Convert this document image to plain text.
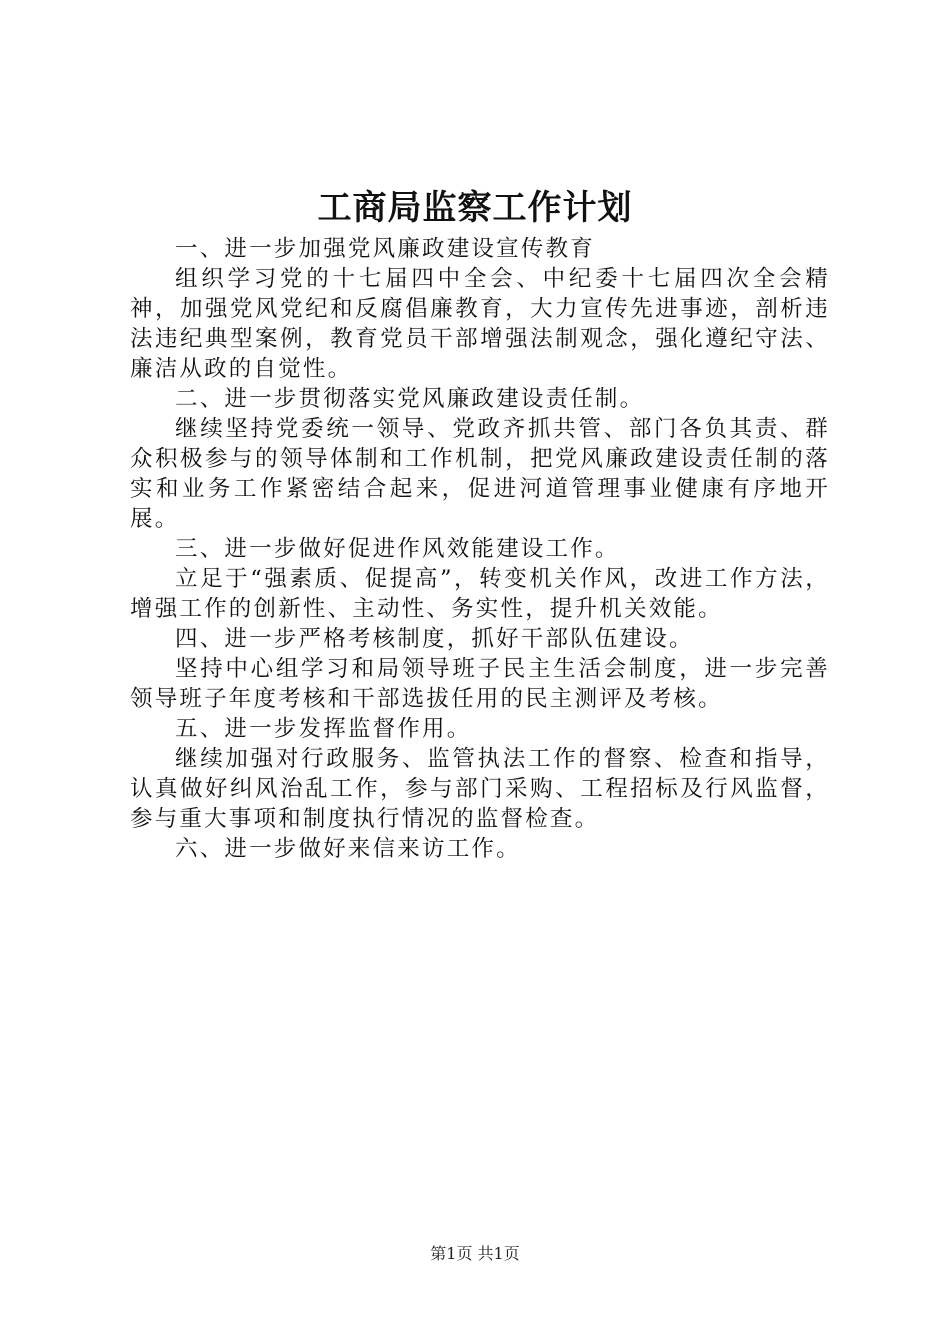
工商局监察工作计划

一、进一步加强党风廉政建设宣传教育

组织学习党的十七届四中全会、中纪委十七届四次全会精神，加强党风党纪和反腐倡廉教育，大力宣传先进事迹，剖析违法违纪典型案例，教育党员干部增强法制观念，强化遵纪守法、廉洁从政的自觉性。

二、进一步贯彻落实党风廉政建设责任制。

继续坚持党委统一领导、党政齐抓共管、部门各负其责、群众积极参与的领导体制和工作机制，把党风廉政建设责任制的落实和业务工作紧密结合起来，促进河道管理事业健康有序地开展。

三、进一步做好促进作风效能建设工作。

立足于“强素质、促提高”，转变机关作风，改进工作方法，增强工作的创新性、主动性、务实性，提升机关效能。

四、进一步严格考核制度，抓好干部队伍建设。

坚持中心组学习和局领导班子民主生活会制度，进一步完善领导班子年度考核和干部选拔任用的民主测评及考核。

五、进一步发挥监督作用。

继续加强对行政服务、监管执法工作的督察、检查和指导，认真做好纠风治乱工作，参与部门采购、工程招标及行风监督，参与重大事项和制度执行情况的监督检查。

六、进一步做好来信来访工作。

第1页 共1页
